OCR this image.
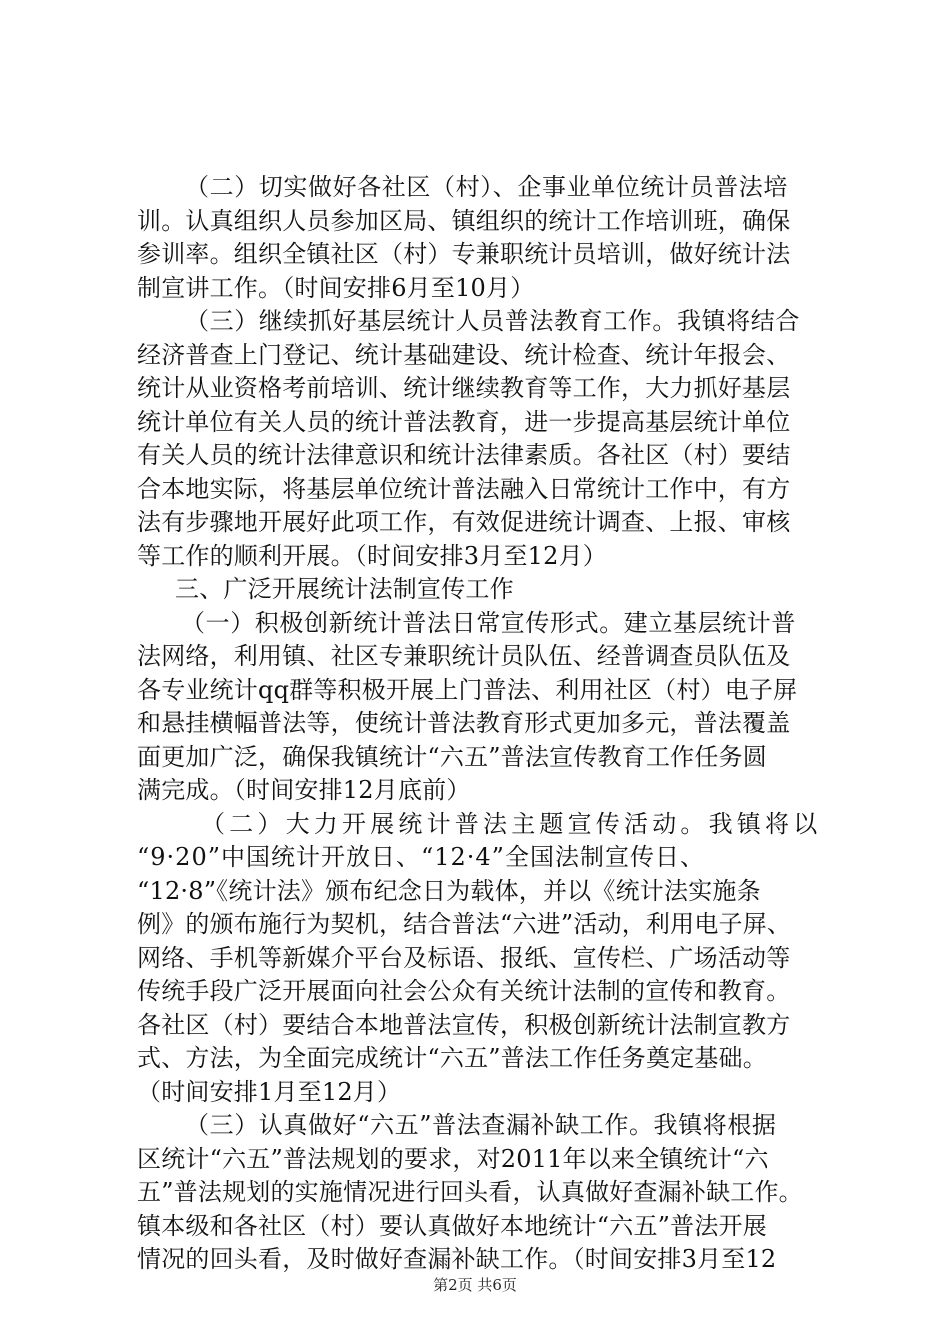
（二）切实做好各社区（村）、企事业单位统计员普法培
训。认真组织人员参加区局、镇组织的统计工作培训班，确保
参训率。组织全镇社区（村）专兼职统计员培训，做好统计法
制宣讲工作。（时间安排6月至10月）
（三）继续抓好基层统计人员普法教育工作。我镇将结合
经济普查上门登记、统计基础建设、统计检查、统计年报会、
统计从业资格考前培训、统计继续教育等工作，大力抓好基层
统计单位有关人员的统计普法教育，进一步提高基层统计单位
有关人员的统计法律意识和统计法律素质。各社区（村）要结
合本地实际，将基层单位统计普法融入日常统计工作中，有方
法有步骤地开展好此项工作，有效促进统计调查、上报、审核
等工作的顺利开展。（时间安排3月至12月）
三、广泛开展统计法制宣传工作
（一）积极创新统计普法日常宣传形式。建立基层统计普
法网络，利用镇、社区专兼职统计员队伍、经普调查员队伍及
各专业统计qq群等积极开展上门普法、利用社区（村）电子屏
和悬挂横幅普法等，使统计普法教育形式更加多元，普法覆盖
面更加广泛，确保我镇统计“六五”普法宣传教育工作任务圆
满完成。（时间安排12月底前）
（二）大力开展统计普法主题宣传活动。我镇将以
“9·20”中国统计开放日、“12·4”全国法制宣传日、
“12·8”《统计法》颁布纪念日为载体，并以《统计法实施条
例》的颁布施行为契机，结合普法“六进”活动，利用电子屏、
网络、手机等新媒介平台及标语、报纸、宣传栏、广场活动等
传统手段广泛开展面向社会公众有关统计法制的宣传和教育。
各社区（村）要结合本地普法宣传，积极创新统计法制宣教方
式、方法，为全面完成统计“六五”普法工作任务奠定基础。
（时间安排1月至12月）
（三）认真做好“六五”普法查漏补缺工作。我镇将根据
区统计“六五”普法规划的要求，对2011年以来全镇统计“六
五”普法规划的实施情况进行回头看，认真做好查漏补缺工作。
镇本级和各社区（村）要认真做好本地统计“六五”普法开展
情况的回头看，及时做好查漏补缺工作。（时间安排3月至12
第2页 共6页
